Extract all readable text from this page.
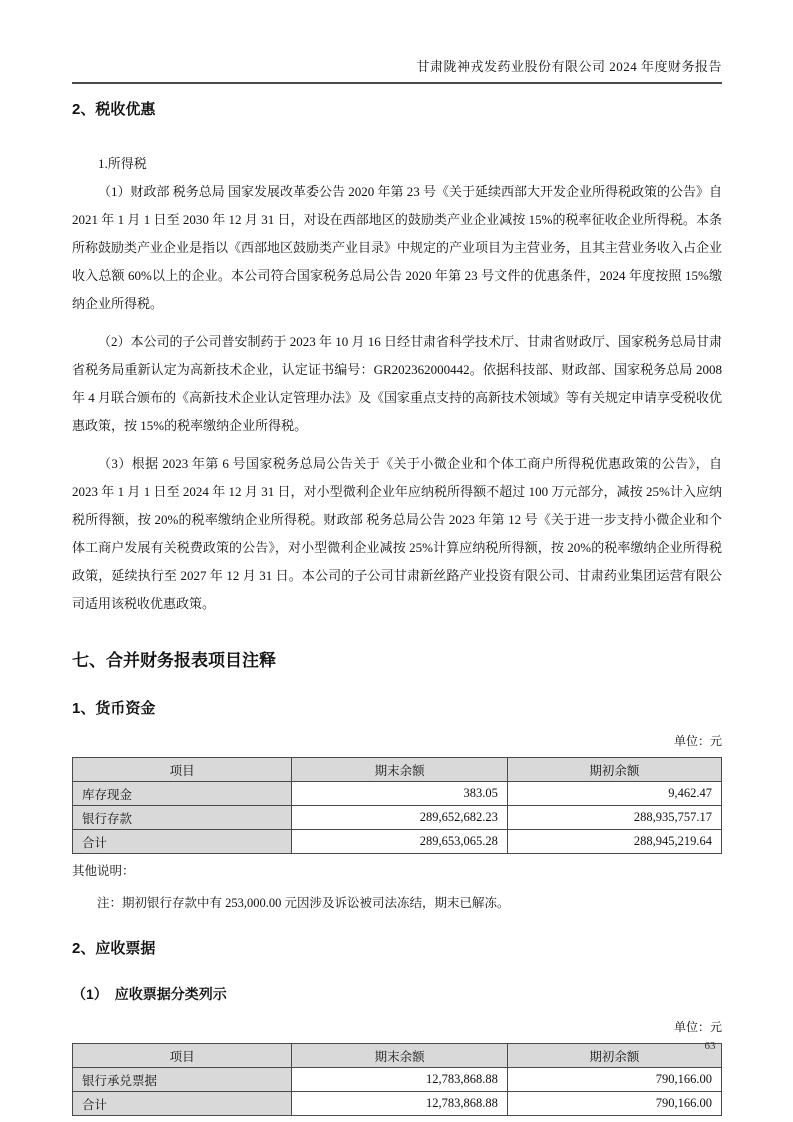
甘肃陇神戎发药业股份有限公司 2024 年度财务报告
2、税收优惠
1.所得税

（1）财政部 税务总局 国家发展改革委公告 2020 年第 23 号《关于延续西部大开发企业所得税政策的公告》自 2021 年 1 月 1 日至 2030 年 12 月 31 日，对设在西部地区的鼓励类产业企业减按 15%的税率征收企业所得税。本条所称鼓励类产业企业是指以《西部地区鼓励类产业目录》中规定的产业项目为主营业务，且其主营业务收入占企业收入总额 60%以上的企业。本公司符合国家税务总局公告 2020 年第 23 号文件的优惠条件，2024 年度按照 15%缴纳企业所得税。

（2）本公司的子公司普安制药于 2023 年 10 月 16 日经甘肃省科学技术厅、甘肃省财政厅、国家税务总局甘肃省税务局重新认定为高新技术企业，认定证书编号：GR202362000442。依据科技部、财政部、国家税务总局 2008 年 4 月联合颁布的《高新技术企业认定管理办法》及《国家重点支持的高新技术领域》等有关规定申请享受税收优惠政策，按 15%的税率缴纳企业所得税。

（3）根据 2023 年第 6 号国家税务总局公告关于《关于小微企业和个体工商户所得税优惠政策的公告》，自 2023 年 1 月 1 日至 2024 年 12 月 31 日，对小型微利企业年应纳税所得额不超过 100 万元部分，减按 25%计入应纳税所得额，按 20%的税率缴纳企业所得税。财政部 税务总局公告 2023 年第 12 号《关于进一步支持小微企业和个体工商户发展有关税费政策的公告》，对小型微利企业减按 25%计算应纳税所得额，按 20%的税率缴纳企业所得税政策，延续执行至 2027 年 12 月 31 日。本公司的子公司甘肃新丝路产业投资有限公司、甘肃药业集团运营有限公司适用该税收优惠政策。

七、合并财务报表项目注释
1、货币资金
单位：元
项目	期末余额	期初余额
库存现金	383.05	9,462.47
银行存款	289,652,682.23	288,935,757.17
合计	289,653,065.28	288,945,219.64
其他说明：
注：期初银行存款中有 253,000.00 元因涉及诉讼被司法冻结，期末已解冻。
2、应收票据
（1）　应收票据分类列示
单位：元
项目	期末余额	期初余额
银行承兑票据	12,783,868.88	790,166.00
合计	12,783,868.88	790,166.00
63
